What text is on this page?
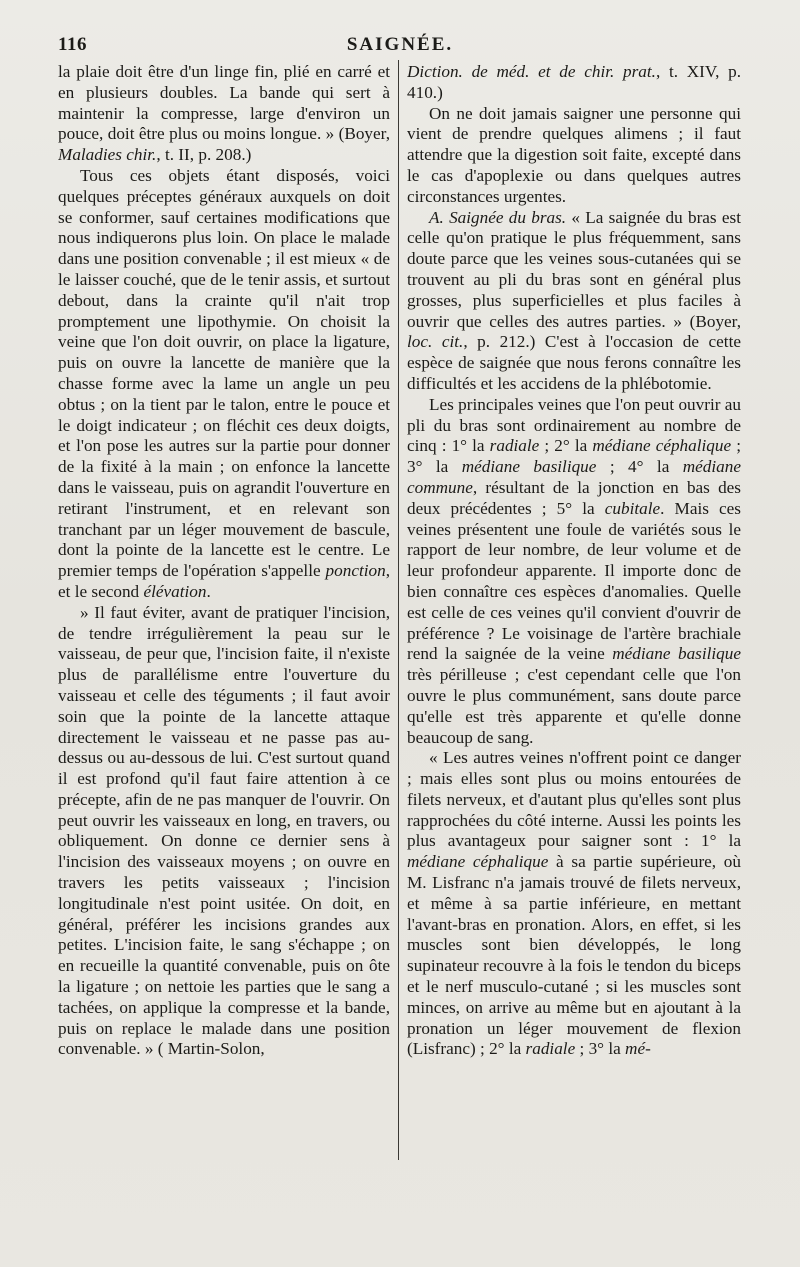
116	SAIGNÉE.

la plaie doit être d'un linge fin, plié en carré et en plusieurs doubles. La bande qui sert à maintenir la compresse, large d'environ un pouce, doit être plus ou moins longue. » (Boyer, Maladies chir., t. II, p. 208.)

Tous ces objets étant disposés, voici quelques préceptes généraux auxquels on doit se conformer, sauf certaines modifications que nous indiquerons plus loin. On place le malade dans une position convenable ; il est mieux « de le laisser couché, que de le tenir assis, et surtout debout, dans la crainte qu'il n'ait trop promptement une lipothymie. On choisit la veine que l'on doit ouvrir, on place la ligature, puis on ouvre la lancette de manière que la chasse forme avec la lame un angle un peu obtus ; on la tient par le talon, entre le pouce et le doigt indicateur ; on fléchit ces deux doigts, et l'on pose les autres sur la partie pour donner de la fixité à la main ; on enfonce la lancette dans le vaisseau, puis on agrandit l'ouverture en retirant l'instrument, et en relevant son tranchant par un léger mouvement de bascule, dont la pointe de la lancette est le centre. Le premier temps de l'opération s'appelle ponction, et le second élévation.

» Il faut éviter, avant de pratiquer l'incision, de tendre irrégulièrement la peau sur le vaisseau, de peur que, l'incision faite, il n'existe plus de parallélisme entre l'ouverture du vaisseau et celle des téguments ; il faut avoir soin que la pointe de la lancette attaque directement le vaisseau et ne passe pas au-dessus ou au-dessous de lui. C'est surtout quand il est profond qu'il faut faire attention à ce précepte, afin de ne pas manquer de l'ouvrir. On peut ouvrir les vaisseaux en long, en travers, ou obliquement. On donne ce dernier sens à l'incision des vaisseaux moyens ; on ouvre en travers les petits vaisseaux ; l'incision longitudinale n'est point usitée. On doit, en général, préférer les incisions grandes aux petites. L'incision faite, le sang s'échappe ; on en recueille la quantité convenable, puis on ôte la ligature ; on nettoie les parties que le sang a tachées, on applique la compresse et la bande, puis on replace le malade dans une position convenable. » ( Martin-Solon,

Diction. de méd. et de chir. prat., t. XIV, p. 410.)

On ne doit jamais saigner une personne qui vient de prendre quelques alimens ; il faut attendre que la digestion soit faite, excepté dans le cas d'apoplexie ou dans quelques autres circonstances urgentes.

A. Saignée du bras. « La saignée du bras est celle qu'on pratique le plus fréquemment, sans doute parce que les veines sous-cutanées qui se trouvent au pli du bras sont en général plus grosses, plus superficielles et plus faciles à ouvrir que celles des autres parties. » (Boyer, loc. cit., p. 212.) C'est à l'occasion de cette espèce de saignée que nous ferons connaître les difficultés et les accidens de la phlébotomie.

Les principales veines que l'on peut ouvrir au pli du bras sont ordinairement au nombre de cinq : 1° la radiale ; 2° la médiane céphalique ; 3° la médiane basilique ; 4° la médiane commune, résultant de la jonction en bas des deux précédentes ; 5° la cubitale. Mais ces veines présentent une foule de variétés sous le rapport de leur nombre, de leur volume et de leur profondeur apparente. Il importe donc de bien connaître ces espèces d'anomalies. Quelle est celle de ces veines qu'il convient d'ouvrir de préférence ? Le voisinage de l'artère brachiale rend la saignée de la veine médiane basilique très périlleuse ; c'est cependant celle que l'on ouvre le plus communément, sans doute parce qu'elle est très apparente et qu'elle donne beaucoup de sang.

« Les autres veines n'offrent point ce danger ; mais elles sont plus ou moins entourées de filets nerveux, et d'autant plus qu'elles sont plus rapprochées du côté interne. Aussi les points les plus avantageux pour saigner sont : 1° la médiane céphalique à sa partie supérieure, où M. Lisfranc n'a jamais trouvé de filets nerveux, et même à sa partie inférieure, en mettant l'avant-bras en pronation. Alors, en effet, si les muscles sont bien développés, le long supinateur recouvre à la fois le tendon du biceps et le nerf musculo-cutané ; si les muscles sont minces, on arrive au même but en ajoutant à la pronation un léger mouvement de flexion (Lisfranc) ; 2° la radiale ; 3° la mé-
